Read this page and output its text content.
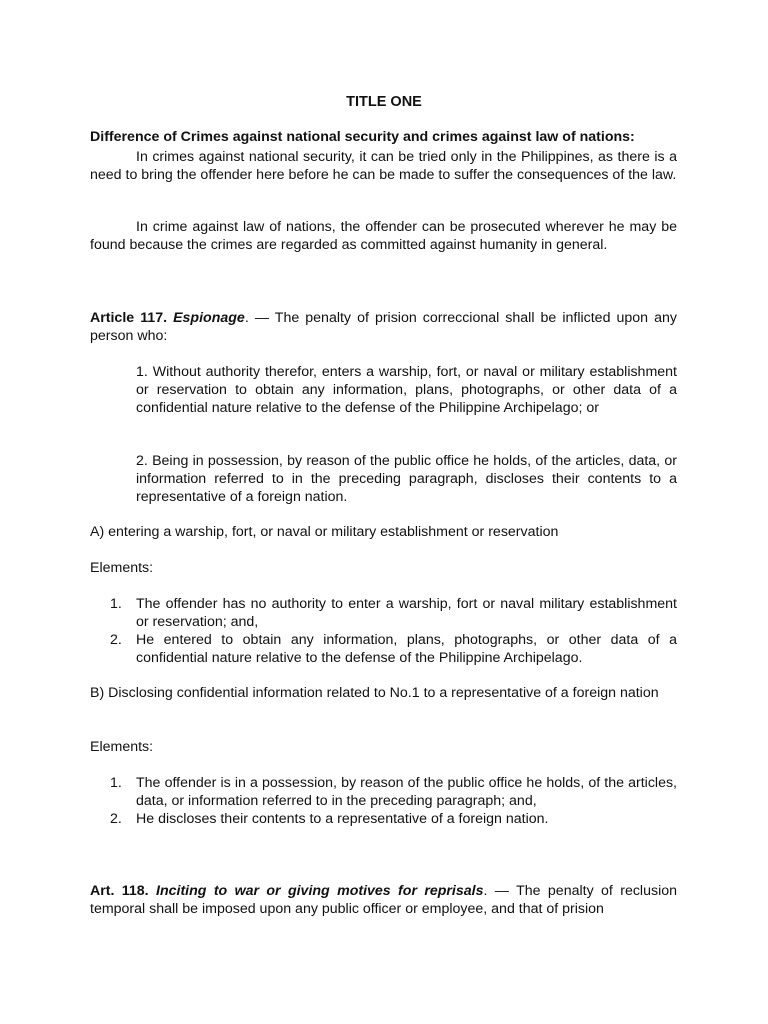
TITLE ONE
Difference of Crimes against national security and crimes against law of nations:
In crimes against national security, it can be tried only in the Philippines, as there is a need to bring the offender here before he can be made to suffer the consequences of the law.
In crime against law of nations, the offender can be prosecuted wherever he may be found because the crimes are regarded as committed against humanity in general.
Article 117. Espionage. — The penalty of prision correccional shall be inflicted upon any person who:
1. Without authority therefor, enters a warship, fort, or naval or military establishment or reservation to obtain any information, plans, photographs, or other data of a confidential nature relative to the defense of the Philippine Archipelago; or
2. Being in possession, by reason of the public office he holds, of the articles, data, or information referred to in the preceding paragraph, discloses their contents to a representative of a foreign nation.
A) entering a warship, fort, or naval or military establishment or reservation
Elements:
1. The offender has no authority to enter a warship, fort or naval military establishment or reservation; and,
2. He entered to obtain any information, plans, photographs, or other data of a confidential nature relative to the defense of the Philippine Archipelago.
B) Disclosing confidential information related to No.1 to a representative of a foreign nation
Elements:
1. The offender is in a possession, by reason of the public office he holds, of the articles, data, or information referred to in the preceding paragraph; and,
2. He discloses their contents to a representative of a foreign nation.
Art. 118. Inciting to war or giving motives for reprisals. — The penalty of reclusion temporal shall be imposed upon any public officer or employee, and that of prision
